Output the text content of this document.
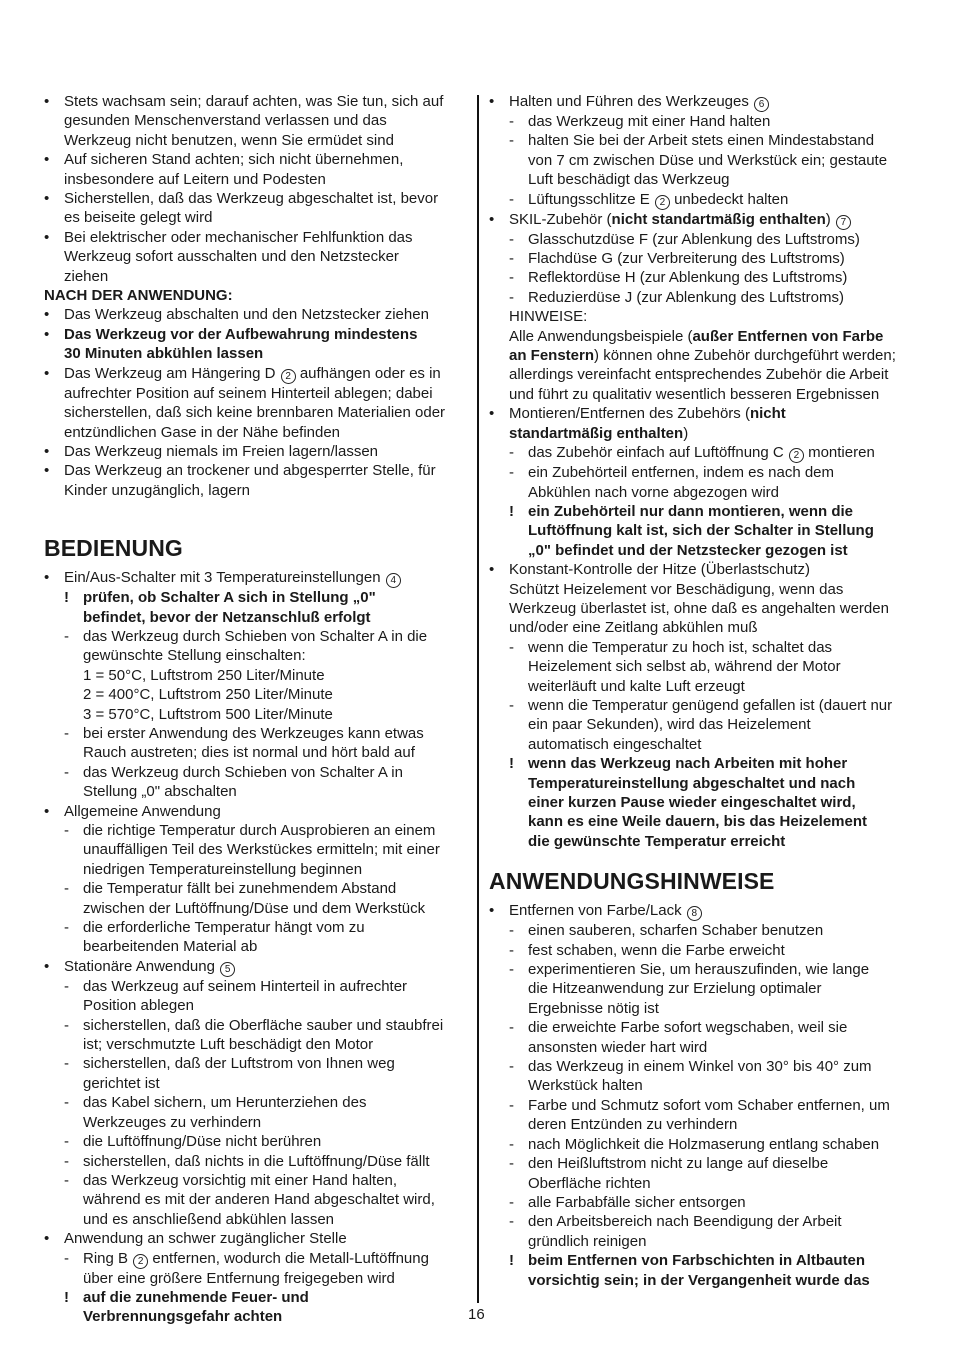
• Stets wachsam sein; darauf achten, was Sie tun, sich auf
gesunden Menschenverstand verlassen und das
Werkzeug nicht benutzen, wenn Sie ermüdet sind
• Auf sicheren Stand achten; sich nicht übernehmen,
insbesondere auf Leitern und Podesten
• Sicherstellen, daß das Werkzeug abgeschaltet ist, bevor
es beiseite gelegt wird
• Bei elektrischer oder mechanischer Fehlfunktion das
Werkzeug sofort ausschalten und den Netzstecker
ziehen
NACH DER ANWENDUNG:
• Das Werkzeug abschalten und den Netzstecker ziehen
• Das Werkzeug vor der Aufbewahrung mindestens
30 Minuten abkühlen lassen
• Das Werkzeug am Hängering D 2 aufhängen oder es in
aufrechter Position auf seinem Hinterteil ablegen; dabei
sicherstellen, daß sich keine brennbaren Materialien oder
entzündlichen Gase in der Nähe befinden
• Das Werkzeug niemals im Freien lagern/lassen
• Das Werkzeug an trockener und abgesperrter Stelle, für
Kinder unzugänglich, lagern
BEDIENUNG
• Ein/Aus-Schalter mit 3 Temperatureinstellungen 4
! prüfen, ob Schalter A sich in Stellung „0"
befindet, bevor der Netzanschluß erfolgt
- das Werkzeug durch Schieben von Schalter A in die
gewünschte Stellung einschalten:
1 = 50°C, Luftstrom 250 Liter/Minute
2 = 400°C, Luftstrom 250 Liter/Minute
3 = 570°C, Luftstrom 500 Liter/Minute
- bei erster Anwendung des Werkzeuges kann etwas
Rauch austreten; dies ist normal und hört bald auf
- das Werkzeug durch Schieben von Schalter A in
Stellung „0" abschalten
• Allgemeine Anwendung
- die richtige Temperatur durch Ausprobieren an einem
unauffälligen Teil des Werkstückes ermitteln; mit einer
niedrigen Temperatureinstellung beginnen
- die Temperatur fällt bei zunehmendem Abstand
zwischen der Luftöffnung/Düse und dem Werkstück
- die erforderliche Temperatur hängt vom zu
bearbeitenden Material ab
• Stationäre Anwendung 5
- das Werkzeug auf seinem Hinterteil in aufrechter
Position ablegen
- sicherstellen, daß die Oberfläche sauber und staubfrei
ist; verschmutzte Luft beschädigt den Motor
- sicherstellen, daß der Luftstrom von Ihnen weg
gerichtet ist
- das Kabel sichern, um Herunterziehen des
Werkzeuges zu verhindern
- die Luftöffnung/Düse nicht berühren
- sicherstellen, daß nichts in die Luftöffnung/Düse fällt
- das Werkzeug vorsichtig mit einer Hand halten,
während es mit der anderen Hand abgeschaltet wird,
und es anschließend abkühlen lassen
• Anwendung an schwer zugänglicher Stelle
- Ring B 2 entfernen, wodurch die Metall-Luftöffnung
über eine größere Entfernung freigegeben wird
! auf die zunehmende Feuer- und
Verbrennungsgefahr achten
• Halten und Führen des Werkzeuges 6
- das Werkzeug mit einer Hand halten
- halten Sie bei der Arbeit stets einen Mindestabstand
von 7 cm zwischen Düse und Werkstück ein; gestaute
Luft beschädigt das Werkzeug
- Lüftungsschlitze E 2 unbedeckt halten
• SKIL-Zubehör (nicht standartmäßig enthalten) 7
- Glasschutzdüse F (zur Ablenkung des Luftstroms)
- Flachdüse G (zur Verbreiterung des Luftstroms)
- Reflektordüse H (zur Ablenkung des Luftstroms)
- Reduzierdüse J (zur Ablenkung des Luftstroms)
HINWEISE:
Alle Anwendungsbeispiele (außer Entfernen von Farbe
an Fenstern) können ohne Zubehör durchgeführt werden;
allerdings vereinfacht entsprechendes Zubehör die Arbeit
und führt zu qualitativ wesentlich besseren Ergebnissen
• Montieren/Entfernen des Zubehörs (nicht
standartmäßig enthalten)
- das Zubehör einfach auf Luftöffnung C 2 montieren
- ein Zubehörteil entfernen, indem es nach dem
Abkühlen nach vorne abgezogen wird
! ein Zubehörteil nur dann montieren, wenn die
Luftöffnung kalt ist, sich der Schalter in Stellung
„0" befindet und der Netzstecker gezogen ist
• Konstant-Kontrolle der Hitze (Überlastschutz)
Schützt Heizelement vor Beschädigung, wenn das
Werkzeug überlastet ist, ohne daß es angehalten werden
und/oder eine Zeitlang abkühlen muß
- wenn die Temperatur zu hoch ist, schaltet das
Heizelement sich selbst ab, während der Motor
weiterläuft und kalte Luft erzeugt
- wenn die Temperatur genügend gefallen ist (dauert nur
ein paar Sekunden), wird das Heizelement
automatisch eingeschaltet
! wenn das Werkzeug nach Arbeiten mit hoher
Temperatureinstellung abgeschaltet und nach
einer kurzen Pause wieder eingeschaltet wird,
kann es eine Weile dauern, bis das Heizelement
die gewünschte Temperatur erreicht
ANWENDUNGSHINWEISE
• Entfernen von Farbe/Lack 8
- einen sauberen, scharfen Schaber benutzen
- fest schaben, wenn die Farbe erweicht
- experimentieren Sie, um herauszufinden, wie lange
die Hitzeanwendung zur Erzielung optimaler
Ergebnisse nötig ist
- die erweichte Farbe sofort wegschaben, weil sie
ansonsten wieder hart wird
- das Werkzeug in einem Winkel von 30° bis 40° zum
Werkstück halten
- Farbe und Schmutz sofort vom Schaber entfernen, um
deren Entzünden zu verhindern
- nach Möglichkeit die Holzmaserung entlang schaben
- den Heißluftstrom nicht zu lange auf dieselbe
Oberfläche richten
- alle Farbabfälle sicher entsorgen
- den Arbeitsbereich nach Beendigung der Arbeit
gründlich reinigen
! beim Entfernen von Farbschichten in Altbauten
vorsichtig sein; in der Vergangenheit wurde das
16
